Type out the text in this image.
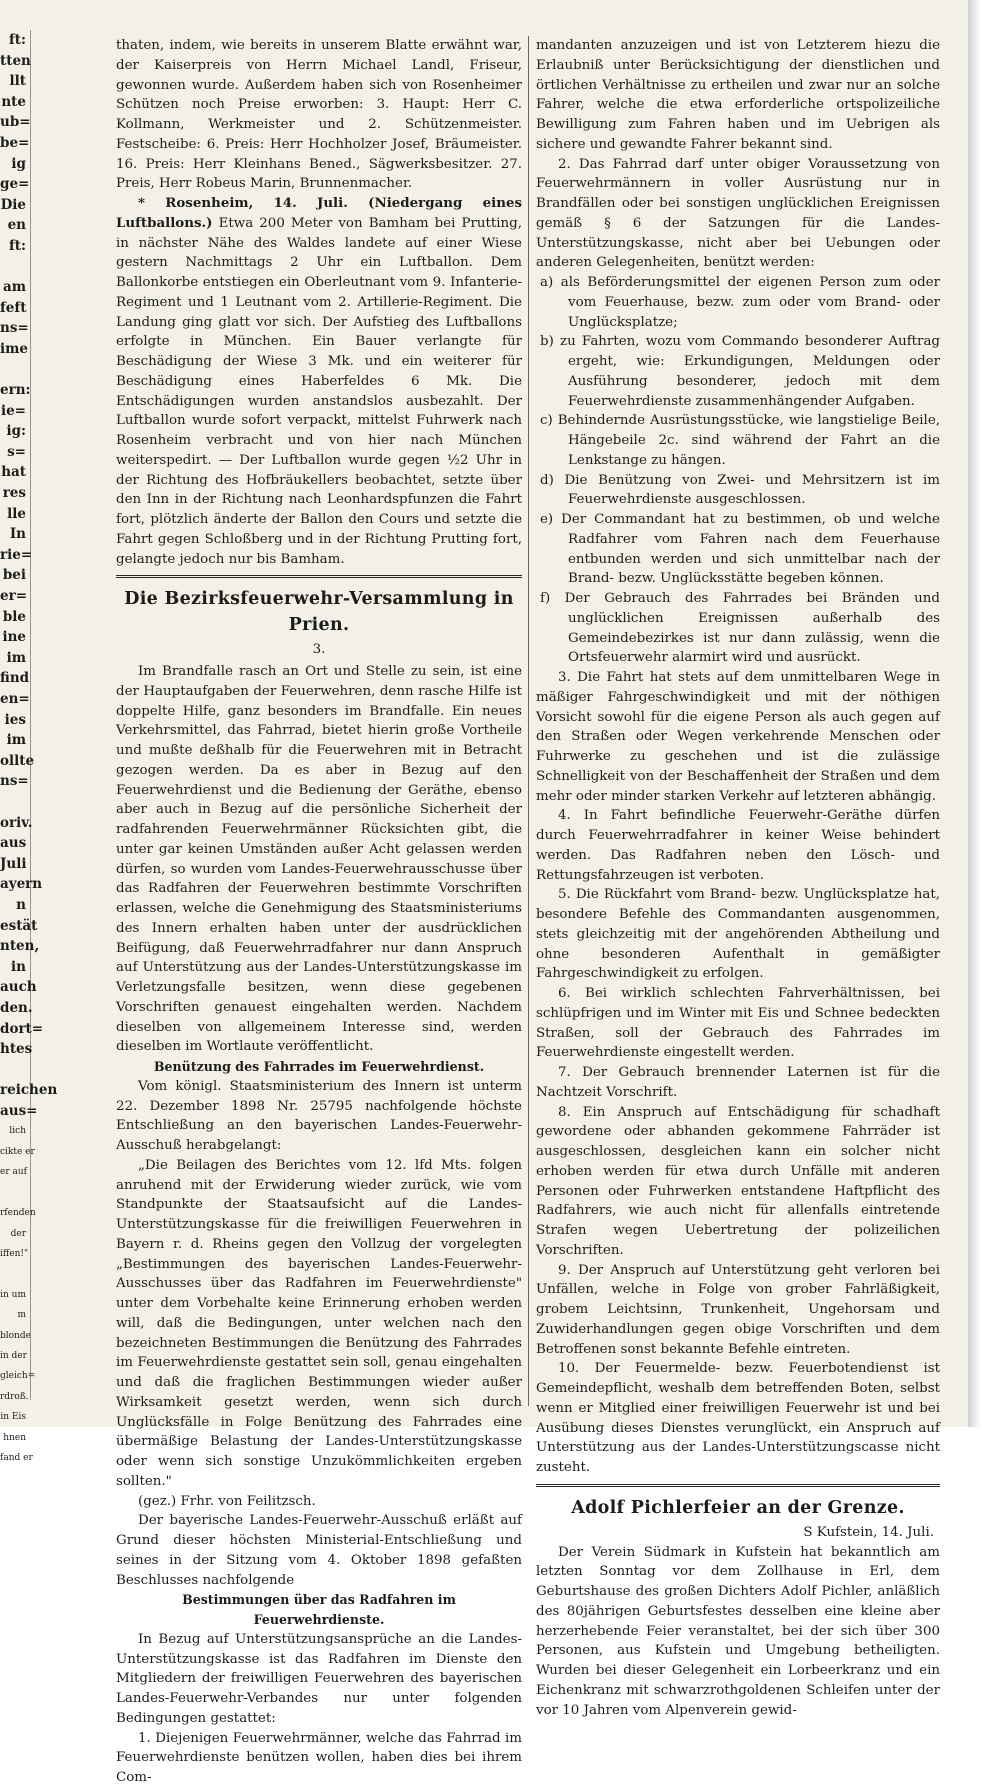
ft:
tten
llt
nte
ub=
be=
ig
ge=
Die
en
ft:

am
feft
ns=
ime

ern:
ie=
ig:
s=
hat
res
lle
In
rie=
bei
er=
ble
ine
im
find
en=
ies
im
ollte
ns=

oriv.
aus
Juli
ayern
n
estät
nten,
in
auch
den.
dort=
htes

reichen
aus=
lich
cikte er
er auf

rfenden
der
iffen!"

in um
m
blonde
in der
gleich=
rdroß.
in Eis
hnen
fand er

thaten, indem, wie bereits in unserem Blatte erwähnt war, der Kaiserpreis von Herrn Michael Landl, Friseur, gewonnen wurde. Außerdem haben sich von Rosenheimer Schützen noch Preise erworben: 3. Haupt: Herr C. Kollmann, Werkmeister und 2. Schützenmeister. Festscheibe: 6. Preis: Herr Hochholzer Josef, Bräumeister. 16. Preis: Herr Kleinhans Bened., Sägwerksbesitzer. 27. Preis, Herr Robeus Marin, Brunnenmacher.

* Rosenheim, 14. Juli. (Niedergang eines Luftballons.) Etwa 200 Meter von Bamham bei Prutting, in nächster Nähe des Waldes landete auf einer Wiese gestern Nachmittags 2 Uhr ein Luftballon. Dem Ballonkorbe entstiegen ein Oberleutnant vom 9. Infanterie-Regiment und 1 Leutnant vom 2. Artillerie-Regiment. Die Landung ging glatt vor sich. Der Aufstieg des Luftballons erfolgte in München. Ein Bauer verlangte für Beschädigung der Wiese 3 Mk. und ein weiterer für Beschädigung eines Haberfeldes 6 Mk. Die Entschädigungen wurden anstandslos ausbezahlt. Der Luftballon wurde sofort verpackt, mittelst Fuhrwerk nach Rosenheim verbracht und von hier nach München weiterspedirt. — Der Luftballon wurde gegen ½2 Uhr in der Richtung des Hofbräukellers beobachtet, setzte über den Inn in der Richtung nach Leonhardspfunzen die Fahrt fort, plötzlich änderte der Ballon den Cours und setzte die Fahrt gegen Schloßberg und in der Richtung Prutting fort, gelangte jedoch nur bis Bamham.

Die Bezirksfeuerwehr-Versammlung in Prien.
3.

Im Brandfalle rasch an Ort und Stelle zu sein, ist eine der Hauptaufgaben der Feuerwehren, denn rasche Hilfe ist doppelte Hilfe, ganz besonders im Brandfalle. Ein neues Verkehrsmittel, das Fahrrad, bietet hierin große Vortheile und mußte deßhalb für die Feuerwehren mit in Betracht gezogen werden. Da es aber in Bezug auf den Feuerwehrdienst und die Bedienung der Geräthe, ebenso aber auch in Bezug auf die persönliche Sicherheit der radfahrenden Feuerwehrmänner Rücksichten gibt, die unter gar keinen Umständen außer Acht gelassen werden dürfen, so wurden vom Landes-Feuerwehrausschusse über das Radfahren der Feuerwehren bestimmte Vorschriften erlassen, welche die Genehmigung des Staatsministeriums des Innern erhalten haben unter der ausdrücklichen Beifügung, daß Feuerwehrradfahrer nur dann Anspruch auf Unterstützung aus der Landes-Unterstützungskasse im Verletzungsfalle besitzen, wenn diese gegebenen Vorschriften genauest eingehalten werden. Nachdem dieselben von allgemeinem Interesse sind, werden dieselben im Wortlaute veröffentlicht.

Benützung des Fahrrades im Feuerwehrdienst.

Vom königl. Staatsministerium des Innern ist unterm 22. Dezember 1898 Nr. 25795 nachfolgende höchste Entschließung an den bayerischen Landes-Feuerwehr-Ausschuß herabgelangt:

„Die Beilagen des Berichtes vom 12. lfd Mts. folgen anruhend mit der Erwiderung wieder zurück, wie vom Standpunkte der Staatsaufsicht auf die Landes-Unterstützungskasse für die freiwilligen Feuerwehren in Bayern r. d. Rheins gegen den Vollzug der vorgelegten „Bestimmungen des bayerischen Landes-Feuerwehr-Ausschusses über das Radfahren im Feuerwehrdienste" unter dem Vorbehalte keine Erinnerung erhoben werden will, daß die Bedingungen, unter welchen nach den bezeichneten Bestimmungen die Benützung des Fahrrades im Feuerwehrdienste gestattet sein soll, genau eingehalten und daß die fraglichen Bestimmungen wieder außer Wirksamkeit gesetzt werden, wenn sich durch Unglücksfälle in Folge Benützung des Fahrrades eine übermäßige Belastung der Landes-Unterstützungskasse oder wenn sich sonstige Unzukömmlichkeiten ergeben sollten."

(gez.) Frhr. von Feilitzsch.

Der bayerische Landes-Feuerwehr-Ausschuß erläßt auf Grund dieser höchsten Ministerial-Entschließung und seines in der Sitzung vom 4. Oktober 1898 gefaßten Beschlusses nachfolgende

Bestimmungen über das Radfahren im Feuerwehrdienste.

In Bezug auf Unterstützungsansprüche an die Landes-Unterstützungskasse ist das Radfahren im Dienste den Mitgliedern der freiwilligen Feuerwehren des bayerischen Landes-Feuerwehr-Verbandes nur unter folgenden Bedingungen gestattet:

1. Diejenigen Feuerwehrmänner, welche das Fahrrad im Feuerwehrdienste benützen wollen, haben dies bei ihrem Com-

mandanten anzuzeigen und ist von Letzterem hiezu die Erlaubniß unter Berücksichtigung der dienstlichen und örtlichen Verhältnisse zu ertheilen und zwar nur an solche Fahrer, welche die etwa erforderliche ortspolizeiliche Bewilligung zum Fahren haben und im Uebrigen als sichere und gewandte Fahrer bekannt sind.

2. Das Fahrrad darf unter obiger Voraussetzung von Feuerwehrmännern in voller Ausrüstung nur in Brandfällen oder bei sonstigen unglücklichen Ereignissen gemäß § 6 der Satzungen für die Landes-Unterstützungskasse, nicht aber bei Uebungen oder anderen Gelegenheiten, benützt werden:

a) als Beförderungsmittel der eigenen Person zum oder vom Feuerhause, bezw. zum oder vom Brand- oder Unglücksplatze;

b) zu Fahrten, wozu vom Commando besonderer Auftrag ergeht, wie: Erkundigungen, Meldungen oder Ausführung besonderer, jedoch mit dem Feuerwehrdienste zusammenhängender Aufgaben.

c) Behindernde Ausrüstungsstücke, wie langstielige Beile, Hängebeile 2c. sind während der Fahrt an die Lenkstange zu hängen.

d) Die Benützung von Zwei- und Mehrsitzern ist im Feuerwehrdienste ausgeschlossen.

e) Der Commandant hat zu bestimmen, ob und welche Radfahrer vom Fahren nach dem Feuerhause entbunden werden und sich unmittelbar nach der Brand- bezw. Unglücksstätte begeben können.

f) Der Gebrauch des Fahrrades bei Bränden und unglücklichen Ereignissen außerhalb des Gemeindebezirkes ist nur dann zulässig, wenn die Ortsfeuerwehr alarmirt wird und ausrückt.

3. Die Fahrt hat stets auf dem unmittelbaren Wege in mäßiger Fahrgeschwindigkeit und mit der nöthigen Vorsicht sowohl für die eigene Person als auch gegen auf den Straßen oder Wegen verkehrende Menschen oder Fuhrwerke zu geschehen und ist die zulässige Schnelligkeit von der Beschaffenheit der Straßen und dem mehr oder minder starken Verkehr auf letzteren abhängig.

4. In Fahrt befindliche Feuerwehr-Geräthe dürfen durch Feuerwehrradfahrer in keiner Weise behindert werden. Das Radfahren neben den Lösch- und Rettungsfahrzeugen ist verboten.

5. Die Rückfahrt vom Brand- bezw. Unglücksplatze hat, besondere Befehle des Commandanten ausgenommen, stets gleichzeitig mit der angehörenden Abtheilung und ohne besonderen Aufenthalt in gemäßigter Fahrgeschwindigkeit zu erfolgen.

6. Bei wirklich schlechten Fahrverhältnissen, bei schlüpfrigen und im Winter mit Eis und Schnee bedeckten Straßen, soll der Gebrauch des Fahrrades im Feuerwehrdienste eingestellt werden.

7. Der Gebrauch brennender Laternen ist für die Nachtzeit Vorschrift.

8. Ein Anspruch auf Entschädigung für schadhaft gewordene oder abhanden gekommene Fahrräder ist ausgeschlossen, desgleichen kann ein solcher nicht erhoben werden für etwa durch Unfälle mit anderen Personen oder Fuhrwerken entstandene Haftpflicht des Radfahrers, wie auch nicht für allenfalls eintretende Strafen wegen Uebertretung der polizeilichen Vorschriften.

9. Der Anspruch auf Unterstützung geht verloren bei Unfällen, welche in Folge von grober Fahrläßigkeit, grobem Leichtsinn, Trunkenheit, Ungehorsam und Zuwiderhandlungen gegen obige Vorschriften und dem Betroffenen sonst bekannte Befehle eintreten.

10. Der Feuermelde- bezw. Feuerbotendienst ist Gemeindepflicht, weshalb dem betreffenden Boten, selbst wenn er Mitglied einer freiwilligen Feuerwehr ist und bei Ausübung dieses Dienstes verunglückt, ein Anspruch auf Unterstützung aus der Landes-Unterstützungscasse nicht zusteht.

Adolf Pichlerfeier an der Grenze.
S Kufstein, 14. Juli.

Der Verein Südmark in Kufstein hat bekanntlich am letzten Sonntag vor dem Zollhause in Erl, dem Geburtshause des großen Dichters Adolf Pichler, anläßlich des 80jährigen Geburtsfestes desselben eine kleine aber herzerhebende Feier veranstaltet, bei der sich über 300 Personen, aus Kufstein und Umgebung betheiligten. Wurden bei dieser Gelegenheit ein Lorbeerkranz und ein Eichenkranz mit schwarzrothgoldenen Schleifen unter der vor 10 Jahren vom Alpenverein gewid-
